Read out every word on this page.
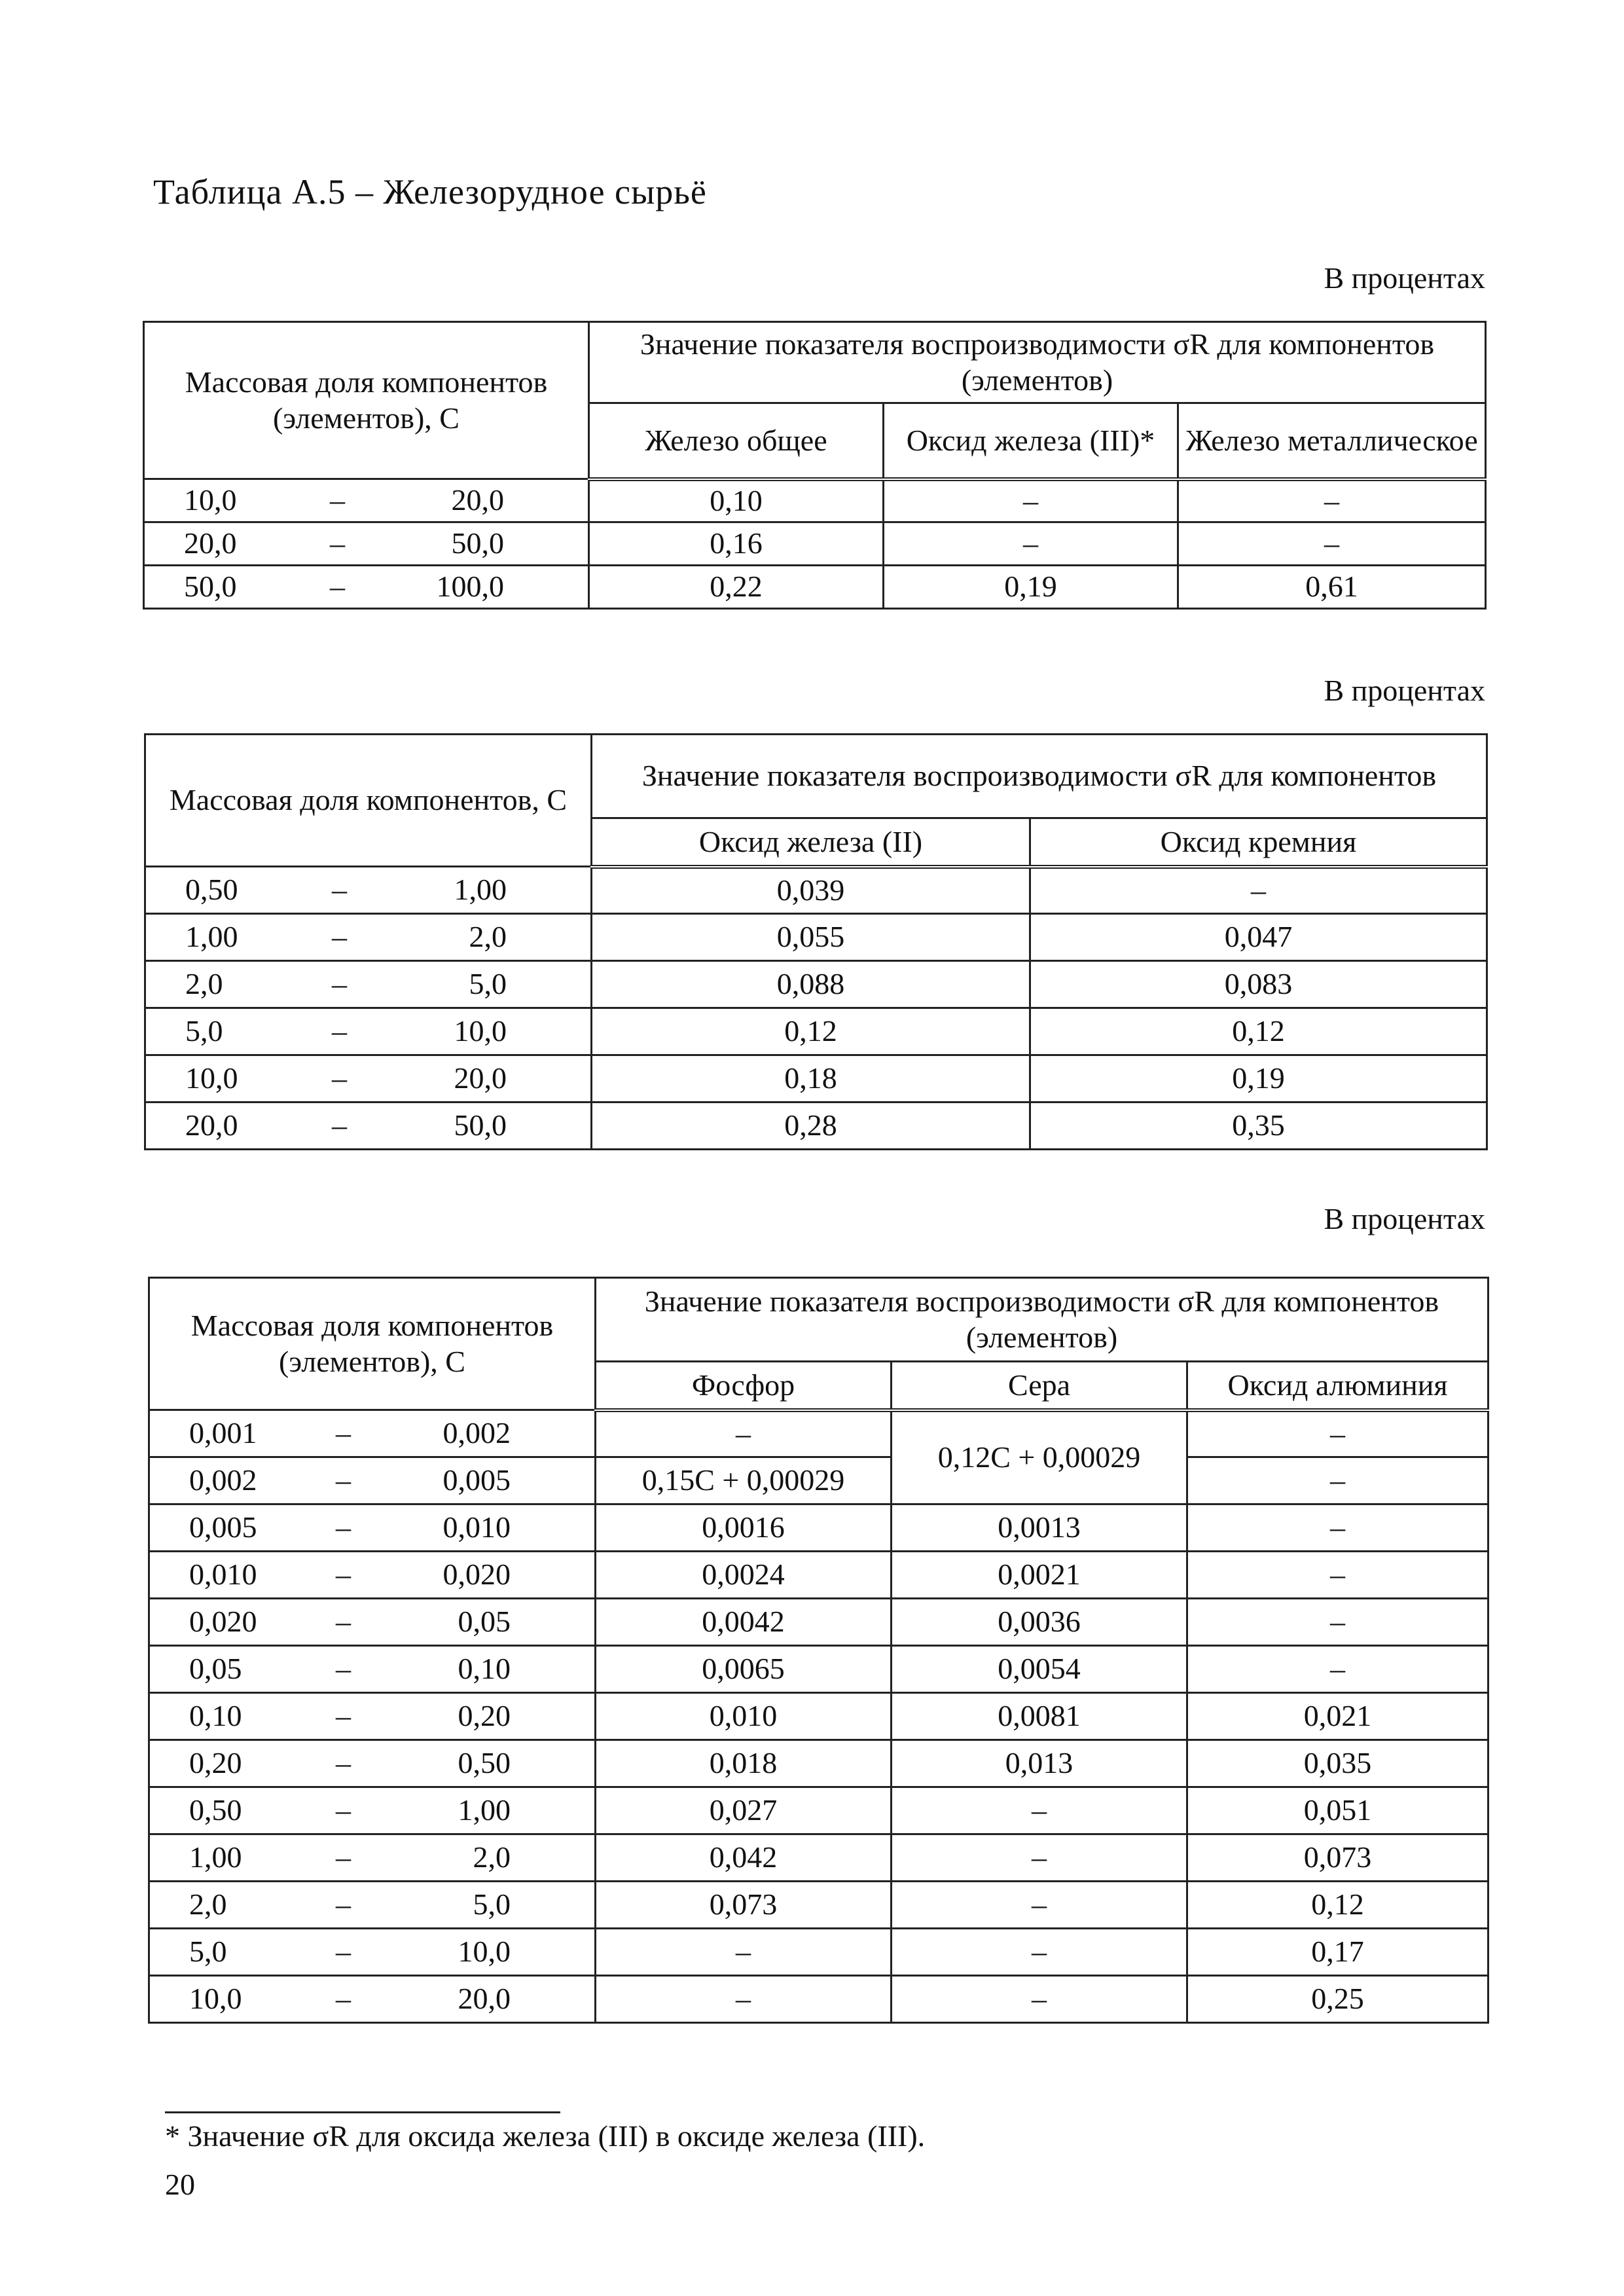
Таблица А.5 – Железорудное сырьё
В процентах
Массовая доля компонентов (элементов), С	Значение показателя воспроизводимости σR для компонентов (элементов)		
	Железо общее	Оксид железа (III)*	Железо металлическое

10,0 – 20,0	0,10	–	–

20,0 – 50,0	0,16	–	–

50,0 – 100,0	0,22	0,19	0,61
В процентах
Массовая доля компонентов, С	Значение показателя воспроизводимости σR для компонентов	
	Оксид железа (II)	Оксид кремния

0,50 – 1,00	0,039	–

1,00 – 2,0	0,055	0,047

2,0 – 5,0	0,088	0,083

5,0 – 10,0	0,12	0,12

10,0 – 20,0	0,18	0,19

20,0 – 50,0	0,28	0,35
В процентах
Массовая доля компонентов (элементов), С	Значение показателя воспроизводимости σR для компонентов (элементов)		
	Фосфор	Сера	Оксид алюминия

0,001 – 0,002	–	0,12С + 0,00029	–

0,002 – 0,005	0,15С + 0,00029		–

0,005 – 0,010	0,0016	0,0013	–

0,010 – 0,020	0,0024	0,0021	–

0,020 – 0,05	0,0042	0,0036	–

0,05 – 0,10	0,0065	0,0054	–

0,10 – 0,20	0,010	0,0081	0,021

0,20 – 0,50	0,018	0,013	0,035

0,50 – 1,00	0,027	–	0,051

1,00 – 2,0	0,042	–	0,073

2,0 – 5,0	0,073	–	0,12

5,0 – 10,0	–	–	0,17

10,0 – 20,0	–	–	0,25
* Значение σR для оксида железа (III) в оксиде железа (III).
20
